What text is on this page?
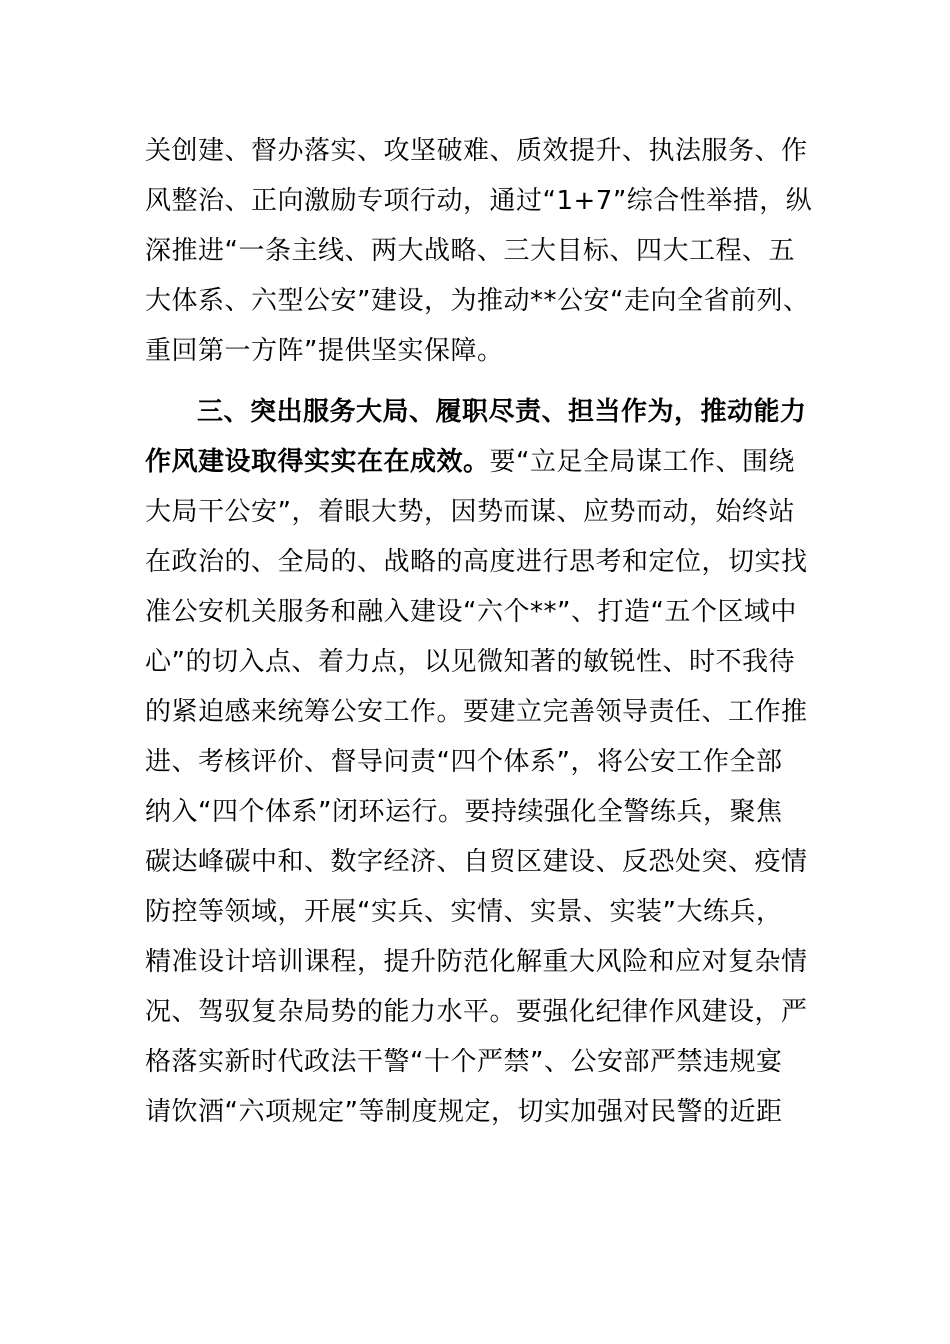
关创建、督办落实、攻坚破难、质效提升、执法服务、作
风整治、正向激励专项行动，通过“1+7”综合性举措，纵
深推进“一条主线、两大战略、三大目标、四大工程、五
大体系、六型公安”建设，为推动**公安“走向全省前列、
重回第一方阵”提供坚实保障。
三、突出服务大局、履职尽责、担当作为，推动能力
作风建设取得实实在在成效。要“立足全局谋工作、围绕
大局干公安”，着眼大势，因势而谋、应势而动，始终站
在政治的、全局的、战略的高度进行思考和定位，切实找
准公安机关服务和融入建设“六个**”、打造“五个区域中
心”的切入点、着力点，以见微知著的敏锐性、时不我待
的紧迫感来统筹公安工作。要建立完善领导责任、工作推
进、考核评价、督导问责“四个体系”，将公安工作全部
纳入“四个体系”闭环运行。要持续强化全警练兵，聚焦
碳达峰碳中和、数字经济、自贸区建设、反恐处突、疫情
防控等领域，开展“实兵、实情、实景、实装”大练兵，
精准设计培训课程，提升防范化解重大风险和应对复杂情
况、驾驭复杂局势的能力水平。要强化纪律作风建设，严
格落实新时代政法干警“十个严禁”、公安部严禁违规宴
请饮酒“六项规定”等制度规定，切实加强对民警的近距
